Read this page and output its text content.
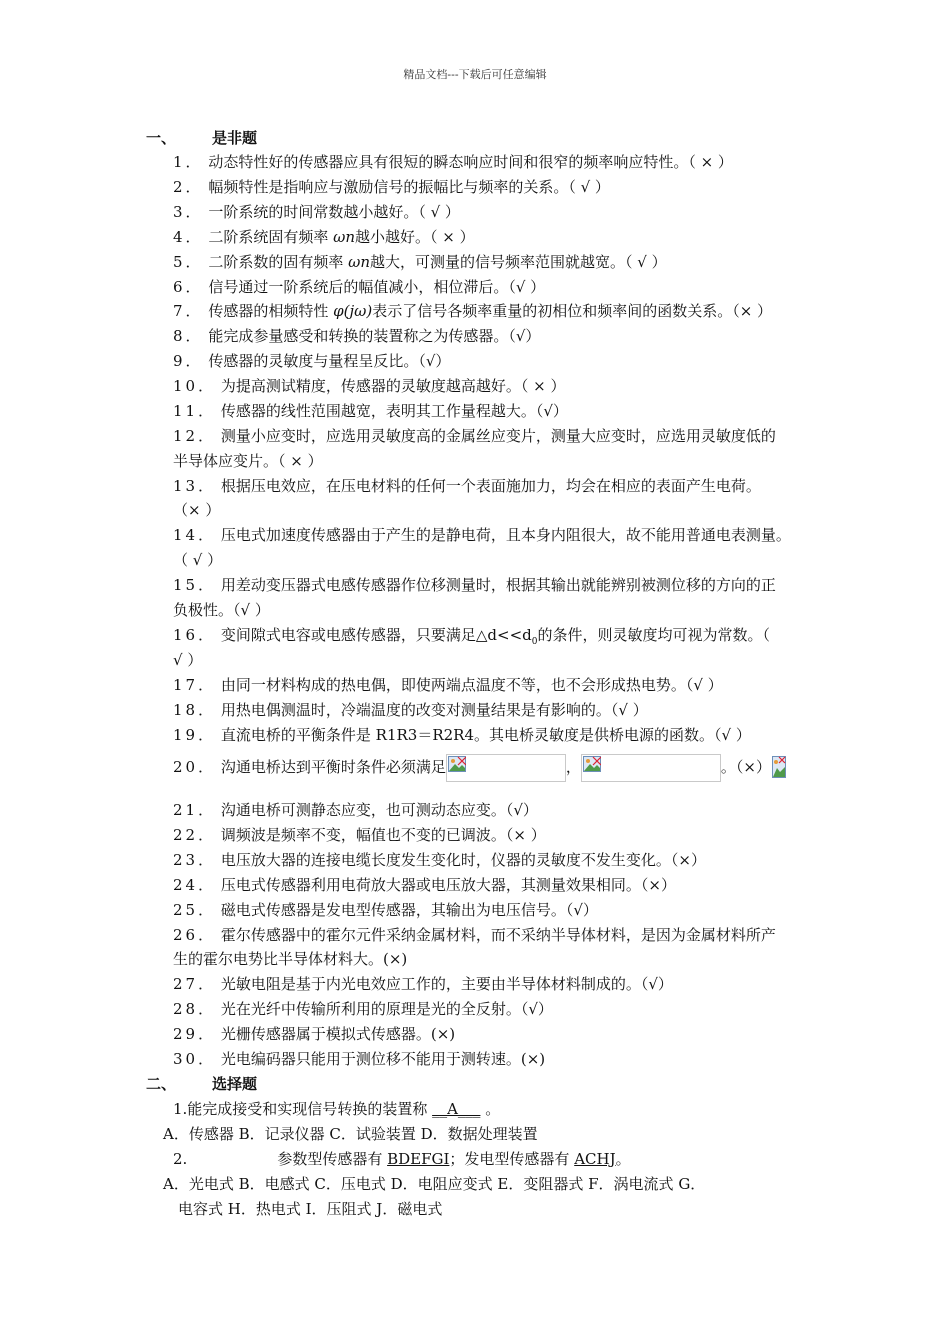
精品文档---下载后可任意编辑
一、 是非题
1． 动态特性好的传感器应具有很短的瞬态响应时间和很窄的频率响应特性。（ × ）
2． 幅频特性是指响应与激励信号的振幅比与频率的关系。（ √ ）
3． 一阶系统的时间常数越小越好。（ √ ）
4． 二阶系统固有频率 ωn越小越好。（ × ）
5． 二阶系数的固有频率 ωn越大，可测量的信号频率范围就越宽。（ √ ）
6． 信号通过一阶系统后的幅值减小，相位滞后。（√ ）
7． 传感器的相频特性 φ(jω)表示了信号各频率重量的初相位和频率间的函数关系。（× ）
8． 能完成参量感受和转换的装置称之为传感器。（√）
9． 传感器的灵敏度与量程呈反比。（√）
10． 为提高测试精度，传感器的灵敏度越高越好。（ × ）
11． 传感器的线性范围越宽，表明其工作量程越大。（√）
12． 测量小应变时，应选用灵敏度高的金属丝应变片，测量大应变时，应选用灵敏度低的
半导体应变片。（ × ）
13． 根据压电效应，在压电材料的任何一个表面施加力，均会在相应的表面产生电荷。
（× ）
14． 压电式加速度传感器由于产生的是静电荷，且本身内阻很大，故不能用普通电表测量。
（ √ ）
15． 用差动变压器式电感传感器作位移测量时，根据其输出就能辨别被测位移的方向的正
负极性。（√ ）
16． 变间隙式电容或电感传感器，只要满足$\triangle d<<d_0$的条件，则灵敏度均可视为常数。（
√ ）
17． 由同一材料构成的热电偶，即使两端点温度不等，也不会形成热电势。（√ ）
18． 用热电偶测温时，冷端温度的改变对测量结果是有影响的。（√ ）
19． 直流电桥的平衡条件是 R1R3＝R2R4。其电桥灵敏度是供桥电源的函数。（√ ）
20． 沟通电桥达到平衡时条件必须满足	，	。（×）
21． 沟通电桥可测静态应变，也可测动态应变。（√）
22． 调频波是频率不变，幅值也不变的已调波。（× ）
23． 电压放大器的连接电缆长度发生变化时，仪器的灵敏度不发生变化。（×）
24． 压电式传感器利用电荷放大器或电压放大器，其测量效果相同。（×）
25． 磁电式传感器是发电型传感器，其输出为电压信号。（√）
26． 霍尔传感器中的霍尔元件采纳金属材料，而不采纳半导体材料，是因为金属材料所产
生的霍尔电势比半导体材料大。(×)
27． 光敏电阻是基于内光电效应工作的，主要由半导体材料制成的。（√）
28． 光在光纤中传输所利用的原理是光的全反射。（√）
29． 光栅传感器属于模拟式传感器。(×)
30． 光电编码器只能用于测位移不能用于测转速。(×)
二、 选择题
1.能完成接受和实现信号转换的装置称 __A___ 。
A．传感器 B．记录仪器 C．试验装置 D．数据处理装置
2.	参数型传感器有 BDEFGI；发电型传感器有 ACHJ。
A．光电式 B．电感式 C．压电式 D．电阻应变式 E．变阻器式 F．涡电流式 G．
电容式 H．热电式 I．压阻式 J．磁电式
